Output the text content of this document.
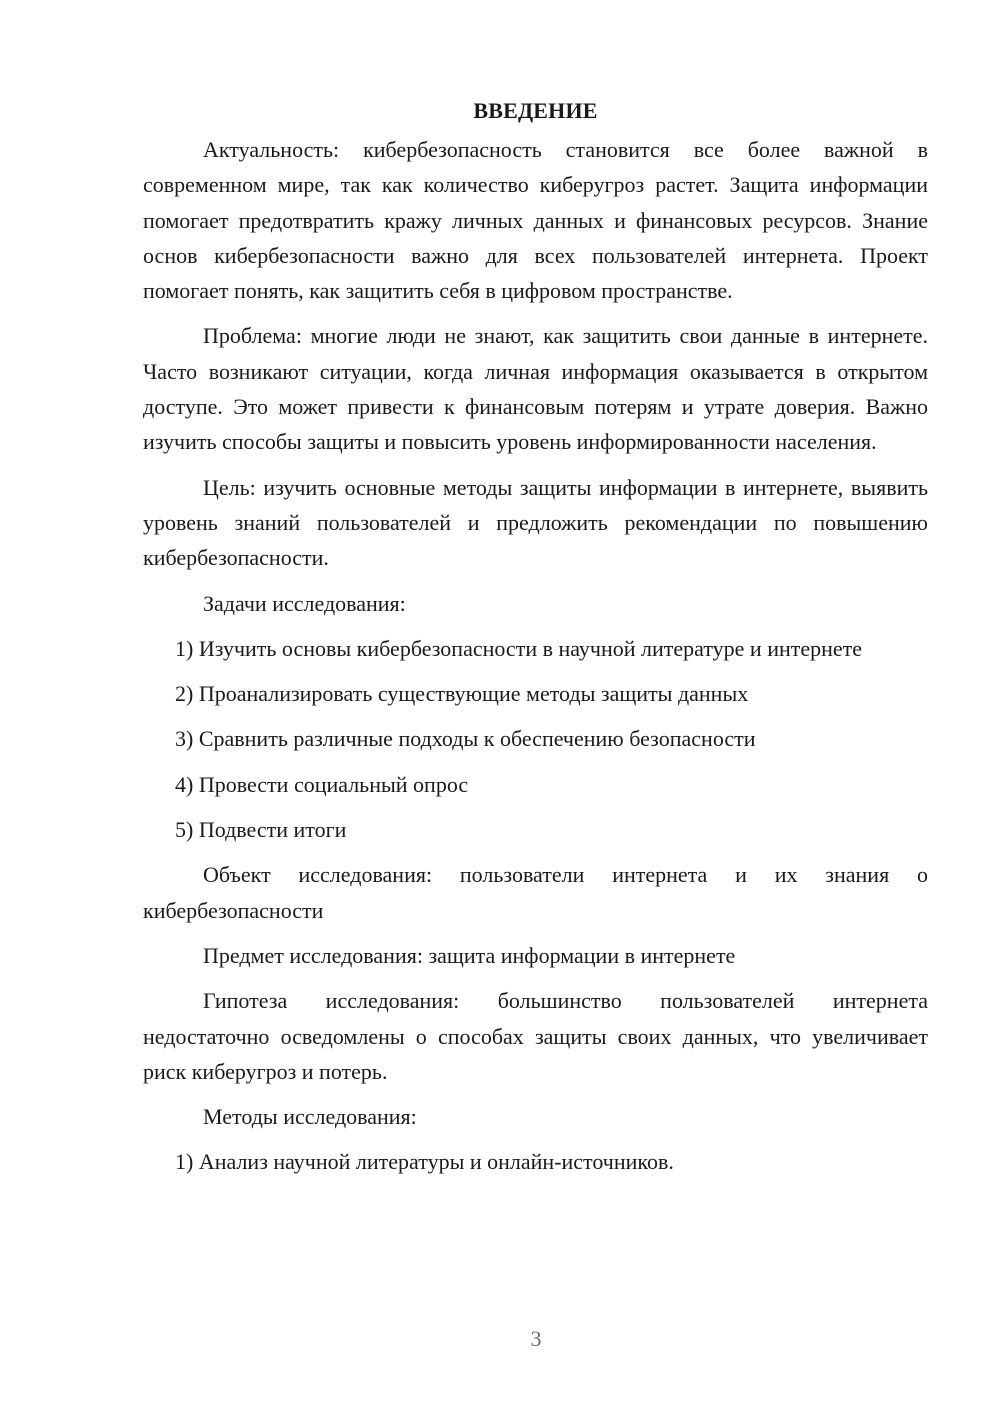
ВВЕДЕНИЕ

Актуальность: кибербезопасность становится все более важной в современном мире, так как количество киберугроз растет. Защита информации помогает предотвратить кражу личных данных и финансовых ресурсов. Знание основ кибербезопасности важно для всех пользователей интернета. Проект помогает понять, как защитить себя в цифровом пространстве.

Проблема: многие люди не знают, как защитить свои данные в интернете. Часто возникают ситуации, когда личная информация оказывается в открытом доступе. Это может привести к финансовым потерям и утрате доверия. Важно изучить способы защиты и повысить уровень информированности населения.

Цель: изучить основные методы защиты информации в интернете, выявить уровень знаний пользователей и предложить рекомендации по повышению кибербезопасности.

Задачи исследования:

1) Изучить основы кибербезопасности в научной литературе и интернете

2) Проанализировать существующие методы защиты данных

3) Сравнить различные подходы к обеспечению безопасности

4) Провести социальный опрос

5) Подвести итоги

Объект исследования: пользователи интернета и их знания о кибербезопасности

Предмет исследования: защита информации в интернете

Гипотеза исследования: большинство пользователей интернета недостаточно осведомлены о способах защиты своих данных, что увеличивает риск киберугроз и потерь.

Методы исследования:

1) Анализ научной литературы и онлайн-источников.

3
